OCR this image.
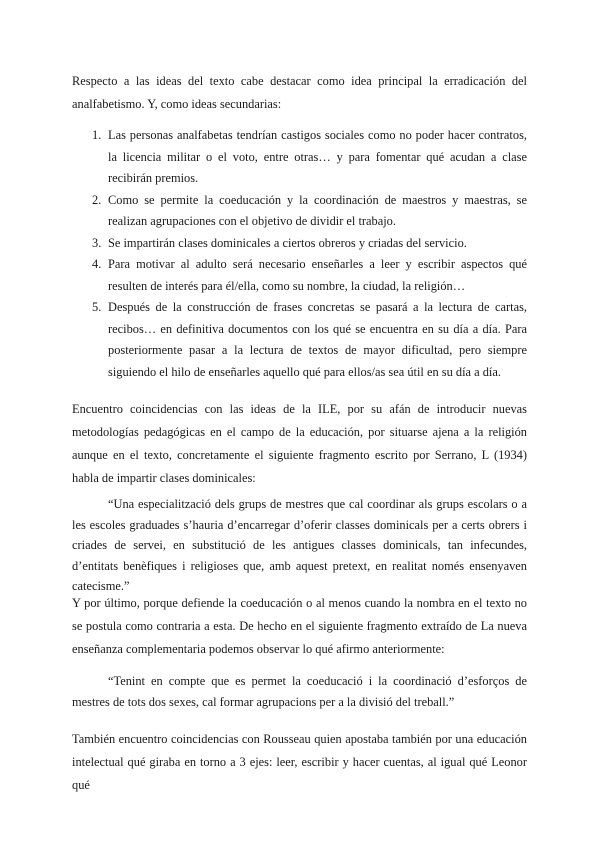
Respecto a las ideas del texto cabe destacar como idea principal la erradicación del analfabetismo. Y, como ideas secundarias:

1. Las personas analfabetas tendrían castigos sociales como no poder hacer contratos, la licencia militar o el voto, entre otras… y para fomentar qué acudan a clase recibirán premios.
2. Como se permite la coeducación y la coordinación de maestros y maestras, se realizan agrupaciones con el objetivo de dividir el trabajo.
3. Se impartirán clases dominicales a ciertos obreros y criadas del servicio.
4. Para motivar al adulto será necesario enseñarles a leer y escribir aspectos qué resulten de interés para él/ella, como su nombre, la ciudad, la religión…
5. Después de la construcción de frases concretas se pasará a la lectura de cartas, recibos… en definitiva documentos con los qué se encuentra en su día a día. Para posteriormente pasar a la lectura de textos de mayor dificultad, pero siempre siguiendo el hilo de enseñarles aquello qué para ellos/as sea útil en su día a día.

Encuentro coincidencias con las ideas de la ILE, por su afán de introducir nuevas metodologías pedagógicas en el campo de la educación, por situarse ajena a la religión aunque en el texto, concretamente el siguiente fragmento escrito por Serrano, L (1934) habla de impartir clases dominicales:

“Una especialització dels grups de mestres que cal coordinar als grups escolars o a les escoles graduades s’hauria d’encarregar d’oferir classes dominicals per a certs obrers i criades de servei, en substitució de les antigues classes dominicals, tan infecundes, d’entitats benèfiques i religioses que, amb aquest pretext, en realitat només ensenyaven catecisme.”

Y por último, porque defiende la coeducación o al menos cuando la nombra en el texto no se postula como contraria a esta. De hecho en el siguiente fragmento extraído de La nueva enseñanza complementaria podemos observar lo qué afirmo anteriormente:

“Tenint en compte que es permet la coeducació i la coordinació d’esforços de mestres de tots dos sexes, cal formar agrupacions per a la divisió del treball.”

También encuentro coincidencias con Rousseau quien apostaba también por una educación intelectual qué giraba en torno a 3 ejes: leer, escribir y hacer cuentas, al igual qué Leonor qué
